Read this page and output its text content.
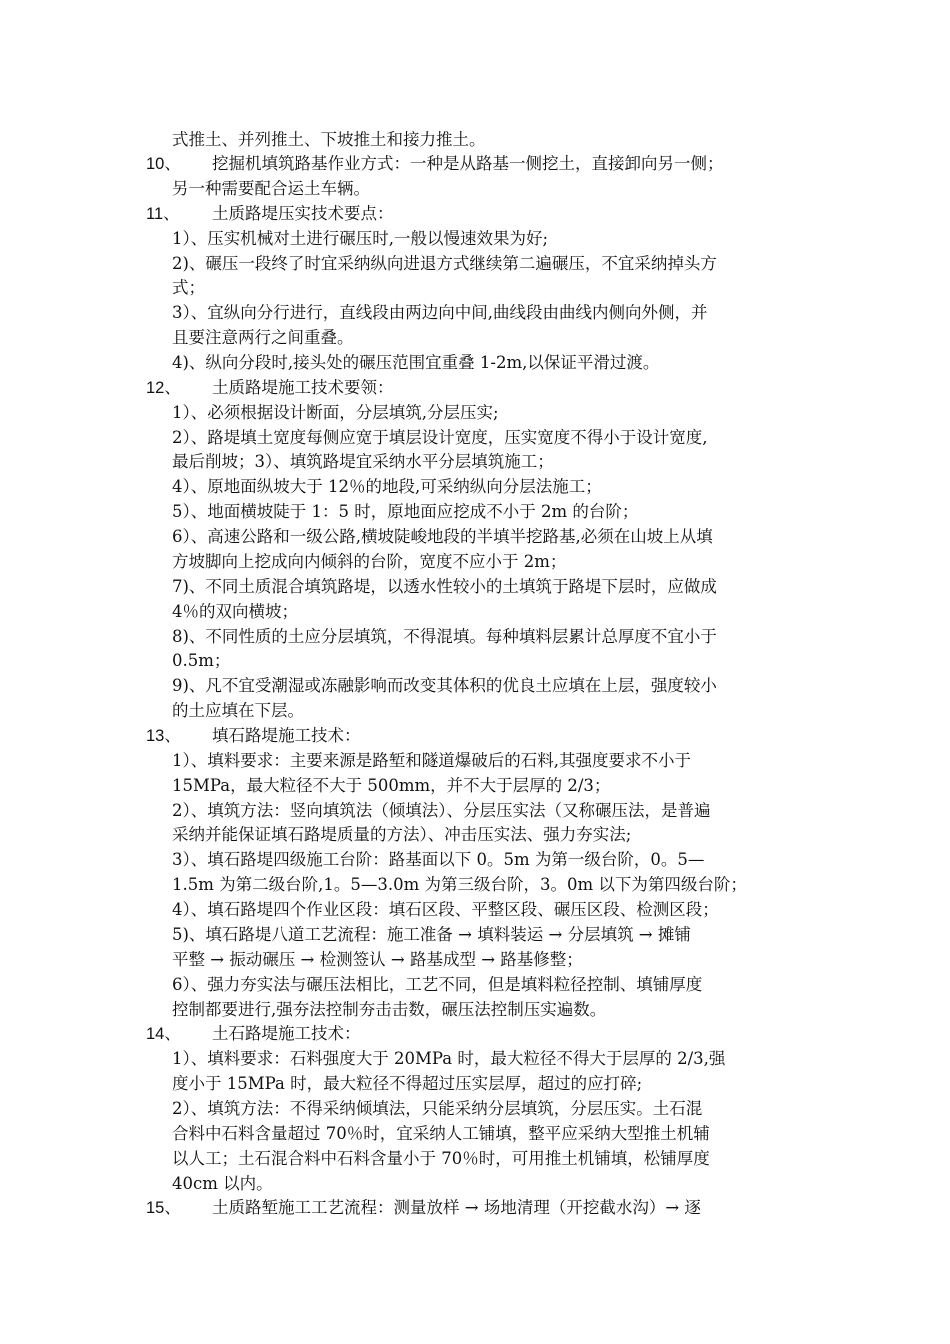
式推土、并列推土、下坡推土和接力推土。
10、 挖掘机填筑路基作业方式：一种是从路基一侧挖土，直接卸向另一侧；
另一种需要配合运土车辆。
11、 土质路堤压实技术要点：
1）、压实机械对土进行碾压时,一般以慢速效果为好;
2)、碾压一段终了时宜采纳纵向进退方式继续第二遍碾压，不宜采纳掉头方
式；
3）、宜纵向分行进行，直线段由两边向中间,曲线段由曲线内侧向外侧，并
且要注意两行之间重叠。
4)、纵向分段时,接头处的碾压范围宜重叠 1-2m,以保证平滑过渡。
12、 土质路堤施工技术要领：
1）、必须根据设计断面，分层填筑,分层压实;
2）、路堤填土宽度每侧应宽于填层设计宽度，压实宽度不得小于设计宽度,
最后削坡；3）、填筑路堤宜采纳水平分层填筑施工；
4）、原地面纵坡大于 12％的地段,可采纳纵向分层法施工；
5）、地面横坡陡于 1：5 时，原地面应挖成不小于 2m 的台阶；
6）、高速公路和一级公路,横坡陡峻地段的半填半挖路基,必须在山坡上从填
方坡脚向上挖成向内倾斜的台阶，宽度不应小于 2m；
7)、不同土质混合填筑路堤，以透水性较小的土填筑于路堤下层时，应做成
4％的双向横坡；
8)、不同性质的土应分层填筑，不得混填。每种填料层累计总厚度不宜小于
0.5m；
9)、凡不宜受潮湿或冻融影响而改变其体积的优良土应填在上层，强度较小
的土应填在下层。
13、 填石路堤施工技术：
1）、填料要求：主要来源是路堑和隧道爆破后的石料,其强度要求不小于
15MPa，最大粒径不大于 500mm，并不大于层厚的 2/3；
2）、填筑方法：竖向填筑法（倾填法）、分层压实法（又称碾压法，是普遍
采纳并能保证填石路堤质量的方法）、冲击压实法、强力夯实法;
3）、填石路堤四级施工台阶：路基面以下 0。5m 为第一级台阶，0。5—
1.5m 为第二级台阶,1。5—3.0m 为第三级台阶，3。0m 以下为第四级台阶；
4）、填石路堤四个作业区段：填石区段、平整区段、碾压区段、检测区段；
5)、填石路堤八道工艺流程：施工准备 → 填料装运 → 分层填筑 → 摊铺
平整 → 振动碾压 → 检测签认 → 路基成型 → 路基修整；
6）、强力夯实法与碾压法相比，工艺不同，但是填料粒径控制、填铺厚度
控制都要进行,强夯法控制夯击击数，碾压法控制压实遍数。
14、 土石路堤施工技术：
1）、填料要求：石料强度大于 20MPa 时，最大粒径不得大于层厚的 2/3,强
度小于 15MPa 时，最大粒径不得超过压实层厚，超过的应打碎;
2）、填筑方法：不得采纳倾填法，只能采纳分层填筑，分层压实。土石混
合料中石料含量超过 70％时，宜采纳人工铺填，整平应采纳大型推土机辅
以人工；土石混合料中石料含量小于 70％时，可用推土机铺填，松铺厚度
40cm 以内。
15、 土质路堑施工工艺流程：测量放样 → 场地清理（开挖截水沟）→ 逐
